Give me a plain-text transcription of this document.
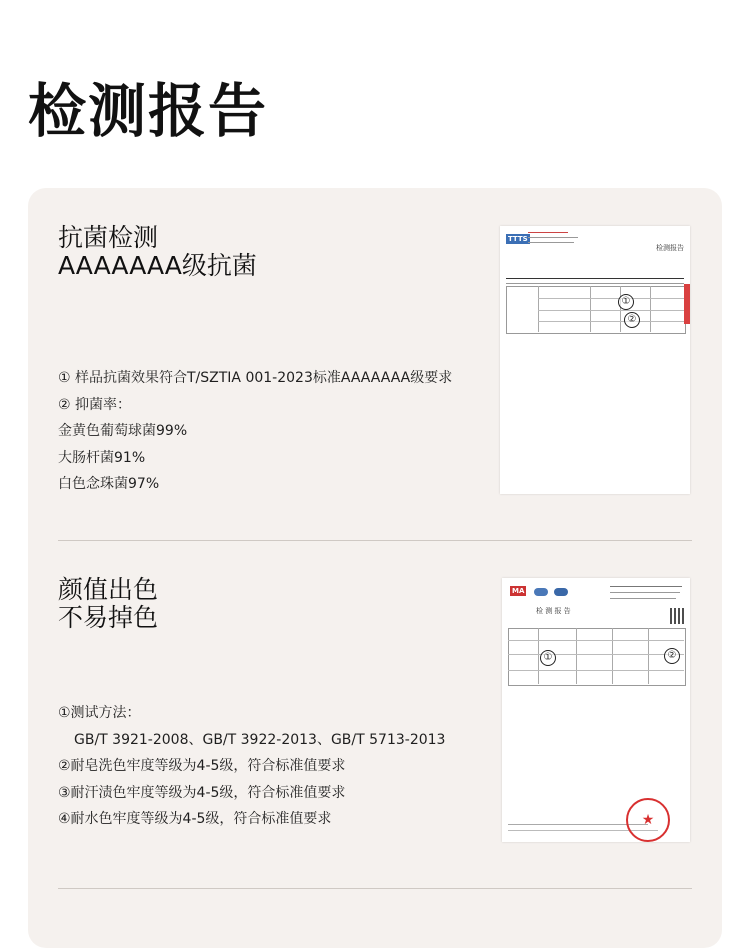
检测报告
抗菌检测
AAAAAAA级抗菌
① 样品抗菌效果符合T/SZTIA 001-2023标准AAAAAAA级要求
② 抑菌率：
金黄色葡萄球菌99%
大肠杆菌91%
白色念珠菌97%
TTTS
检测报告
①
②
颜值出色
不易掉色
①测试方法：
GB/T 3921-2008、GB/T 3922-2013、GB/T 5713-2013
②耐皂洗色牢度等级为4-5级，符合标准值要求
③耐汗渍色牢度等级为4-5级，符合标准值要求
④耐水色牢度等级为4-5级，符合标准值要求
MA
检 测 报 告
①	②
★
